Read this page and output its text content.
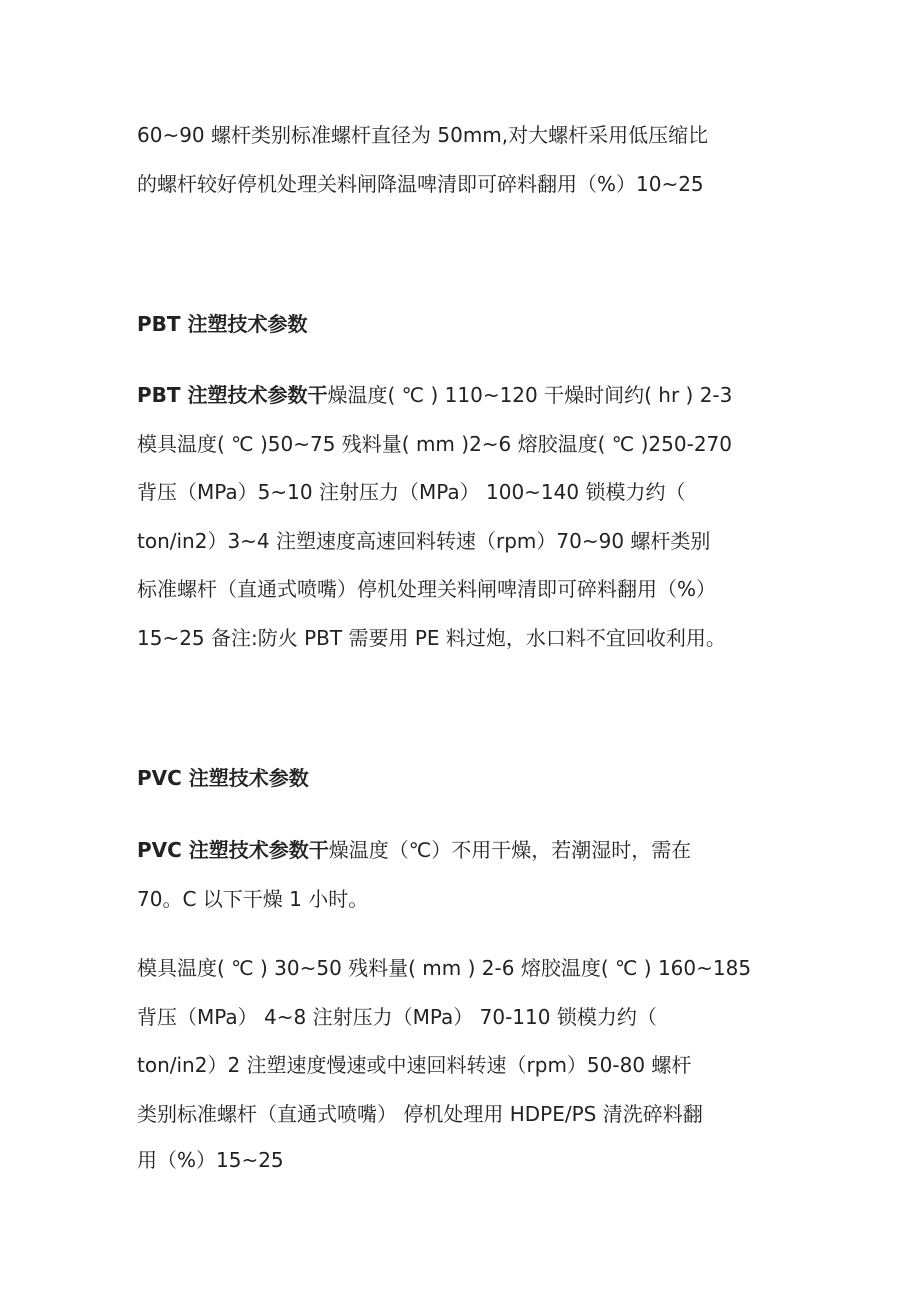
60~90 螺杆类别标准螺杆直径为 50mm,对大螺杆采用低压缩比
的螺杆较好停机处理关料闸降温啤清即可碎料翻用（%）10~25
PBT 注塑技术参数
PBT 注塑技术参数干燥温度( ℃ ) 110~120 干燥时间约( hr ) 2-3
模具温度( ℃ )50~75 残料量( mm )2~6 熔胶温度( ℃ )250-270
背压（MPa）5~10 注射压力（MPa） 100~140 锁模力约（
ton/in2）3~4 注塑速度高速回料转速（rpm）70~90 螺杆类别
标准螺杆（直通式喷嘴）停机处理关料闸啤清即可碎料翻用（%）
15~25 备注:防火 PBT 需要用 PE 料过炮，水口料不宜回收利用。
PVC 注塑技术参数
PVC 注塑技术参数干燥温度（℃）不用干燥，若潮湿时，需在
70。C 以下干燥 1 小时。
模具温度( ℃ ) 30~50 残料量( mm ) 2-6 熔胶温度( ℃ ) 160~185
背压（MPa） 4~8 注射压力（MPa） 70-110 锁模力约（
ton/in2）2 注塑速度慢速或中速回料转速（rpm）50-80 螺杆
类别标准螺杆（直通式喷嘴） 停机处理用 HDPE/PS 清洗碎料翻
用（%）15~25
